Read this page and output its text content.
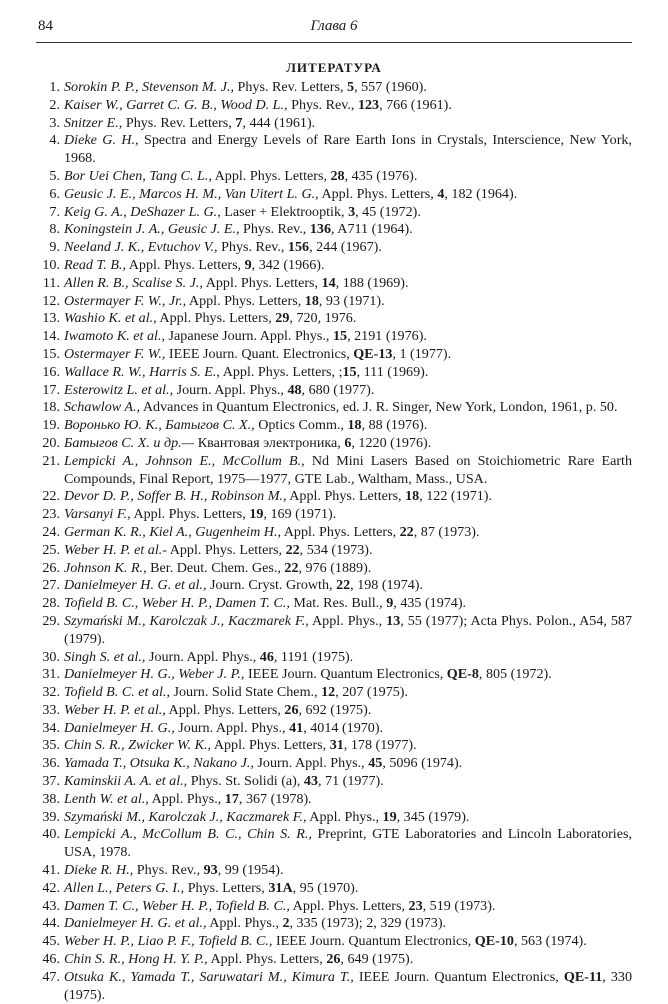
84	Глава 6
ЛИТЕРАТУРА
1. Sorokin P. P., Stevenson M. J., Phys. Rev. Letters, 5, 557 (1960).
2. Kaiser W., Garret C. G. B., Wood D. L., Phys. Rev., 123, 766 (1961).
3. Snitzer E., Phys. Rev. Letters, 7, 444 (1961).
4. Dieke G. H., Spectra and Energy Levels of Rare Earth Ions in Crystals, Interscience, New York, 1968.
5. Bor Uei Chen, Tang C. L., Appl. Phys. Letters, 28, 435 (1976).
6. Geusic J. E., Marcos H. M., Van Uitert L. G., Appl. Phys. Letters, 4, 182 (1964).
7. Keig G. A., DeShazer L. G., Laser + Elektrooptik, 3, 45 (1972).
8. Koningstein J. A., Geusic J. E., Phys. Rev., 136, A711 (1964).
9. Neeland J. K., Evtuchov V., Phys. Rev., 156, 244 (1967).
10. Read T. B., Appl. Phys. Letters, 9, 342 (1966).
11. Allen R. B., Scalise S. J., Appl. Phys. Letters, 14, 188 (1969).
12. Ostermayer F. W., Jr., Appl. Phys. Letters, 18, 93 (1971).
13. Washio K. et al., Appl. Phys. Letters, 29, 720, 1976.
14. Iwamoto K. et al., Japanese Journ. Appl. Phys., 15, 2191 (1976).
15. Ostermayer F. W., IEEE Journ. Quant. Electronics, QE-13, 1 (1977).
16. Wallace R. W., Harris S. E., Appl. Phys. Letters, ;15, 111 (1969).
17. Esterowitz L. et al., Journ. Appl. Phys., 48, 680 (1977).
18. Schawlow A., Advances in Quantum Electronics, ed. J. R. Singer, New York, London, 1961, p. 50.
19. Воронько Ю. К., Батыгов С. Х., Optics Comm., 18, 88 (1976).
20. Батыгов С. Х. и др.— Квантовая электроника, 6, 1220 (1976).
21. Lempicki A., Johnson E., McCollum B., Nd Mini Lasers Based on Stoichiometric Rare Earth Compounds, Final Report, 1975—1977, GTE Lab., Waltham, Mass., USA.
22. Devor D. P., Soffer B. H., Robinson M., Appl. Phys. Letters, 18, 122 (1971).
23. Varsanyi F., Appl. Phys. Letters, 19, 169 (1971).
24. German K. R., Kiel A., Gugenheim H., Appl. Phys. Letters, 22, 87 (1973).
25. Weber H. P. et al.- Appl. Phys. Letters, 22, 534 (1973).
26. Johnson K. R., Ber. Deut. Chem. Ges., 22, 976 (1889).
27. Danielmeyer H. G. et al., Journ. Cryst. Growth, 22, 198 (1974).
28. Tofield B. C., Weber H. P., Damen T. C., Mat. Res. Bull., 9, 435 (1974).
29. Szymański M., Karolczak J., Kaczmarek F., Appl. Phys., 13, 55 (1977); Acta Phys. Polon., A54, 587 (1979).
30. Singh S. et al., Journ. Appl. Phys., 46, 1191 (1975).
31. Danielmeyer H. G., Weber J. P., IEEE Journ. Quantum Electronics, QE-8, 805 (1972).
32. Tofield B. C. et al., Journ. Solid State Chem., 12, 207 (1975).
33. Weber H. P. et al., Appl. Phys. Letters, 26, 692 (1975).
34. Danielmeyer H. G., Journ. Appl. Phys., 41, 4014 (1970).
35. Chin S. R., Zwicker W. K., Appl. Phys. Letters, 31, 178 (1977).
36. Yamada T., Otsuka K., Nakano J., Journ. Appl. Phys., 45, 5096 (1974).
37. Kaminskii A. A. et al., Phys. St. Solidi (a), 43, 71 (1977).
38. Lenth W. et al., Appl. Phys., 17, 367 (1978).
39. Szymański M., Karolczak J., Kaczmarek F., Appl. Phys., 19, 345 (1979).
40. Lempicki A., McCollum B. C., Chin S. R., Preprint, GTE Laboratories and Lincoln Laboratories, USA, 1978.
41. Dieke R. H., Phys. Rev., 93, 99 (1954).
42. Allen L., Peters G. I., Phys. Letters, 31A, 95 (1970).
43. Damen T. C., Weber H. P., Tofield B. C., Appl. Phys. Letters, 23, 519 (1973).
44. Danielmeyer H. G. et al., Appl. Phys., 2, 335 (1973); 2, 329 (1973).
45. Weber H. P., Liao P. F., Tofield B. C., IEEE Journ. Quantum Electronics, QE-10, 563 (1974).
46. Chin S. R., Hong H. Y. P., Appl. Phys. Letters, 26, 649 (1975).
47. Otsuka K., Yamada T., Saruwatari M., Kimura T., IEEE Journ. Quantum Electronics, QE-11, 330 (1975).
